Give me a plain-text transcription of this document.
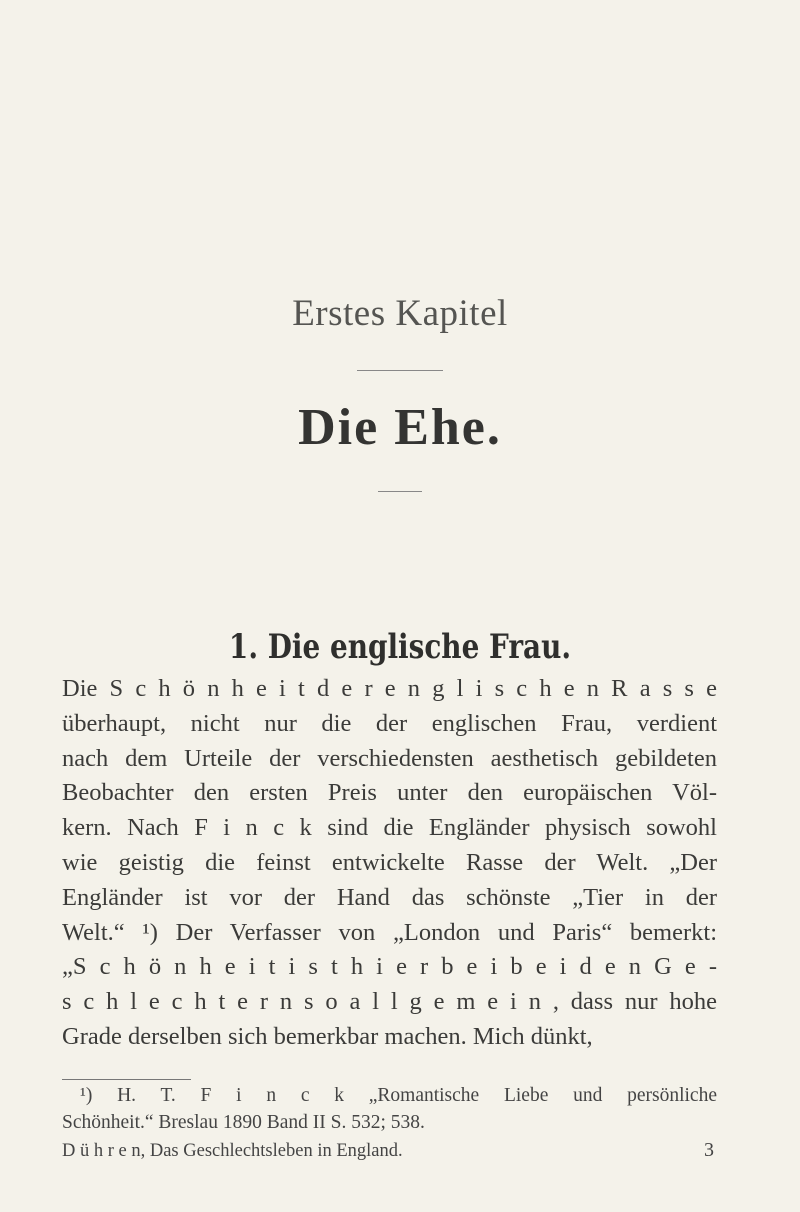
Erstes Kapitel
Die Ehe.
1. Die englische Frau.
Die S c h ö n h e i t d e r e n g l i s c h e n R a s s e
überhaupt, nicht nur die der englischen Frau, verdient
nach dem Urteile der verschiedensten aesthetisch gebildeten
Beobachter den ersten Preis unter den europäischen Völ-
kern. Nach F i n c k sind die Engländer physisch sowohl
wie geistig die feinst entwickelte Rasse der Welt. „Der
Engländer ist vor der Hand das schönste „Tier in der
Welt.“ ¹) Der Verfasser von „London und Paris“ bemerkt:
„S c h ö n h e i t i s t h i e r b e i b e i d e n G e -
s c h l e c h t e r n s o a l l g e m e i n , dass nur hohe
Grade derselben sich bemerkbar machen. Mich dünkt,
¹) H. T. F i n c k „Romantische Liebe und persönliche
Schönheit.“ Breslau 1890 Band II S. 532; 538.
D ü h r e n, Das Geschlechtsleben in England.	3
